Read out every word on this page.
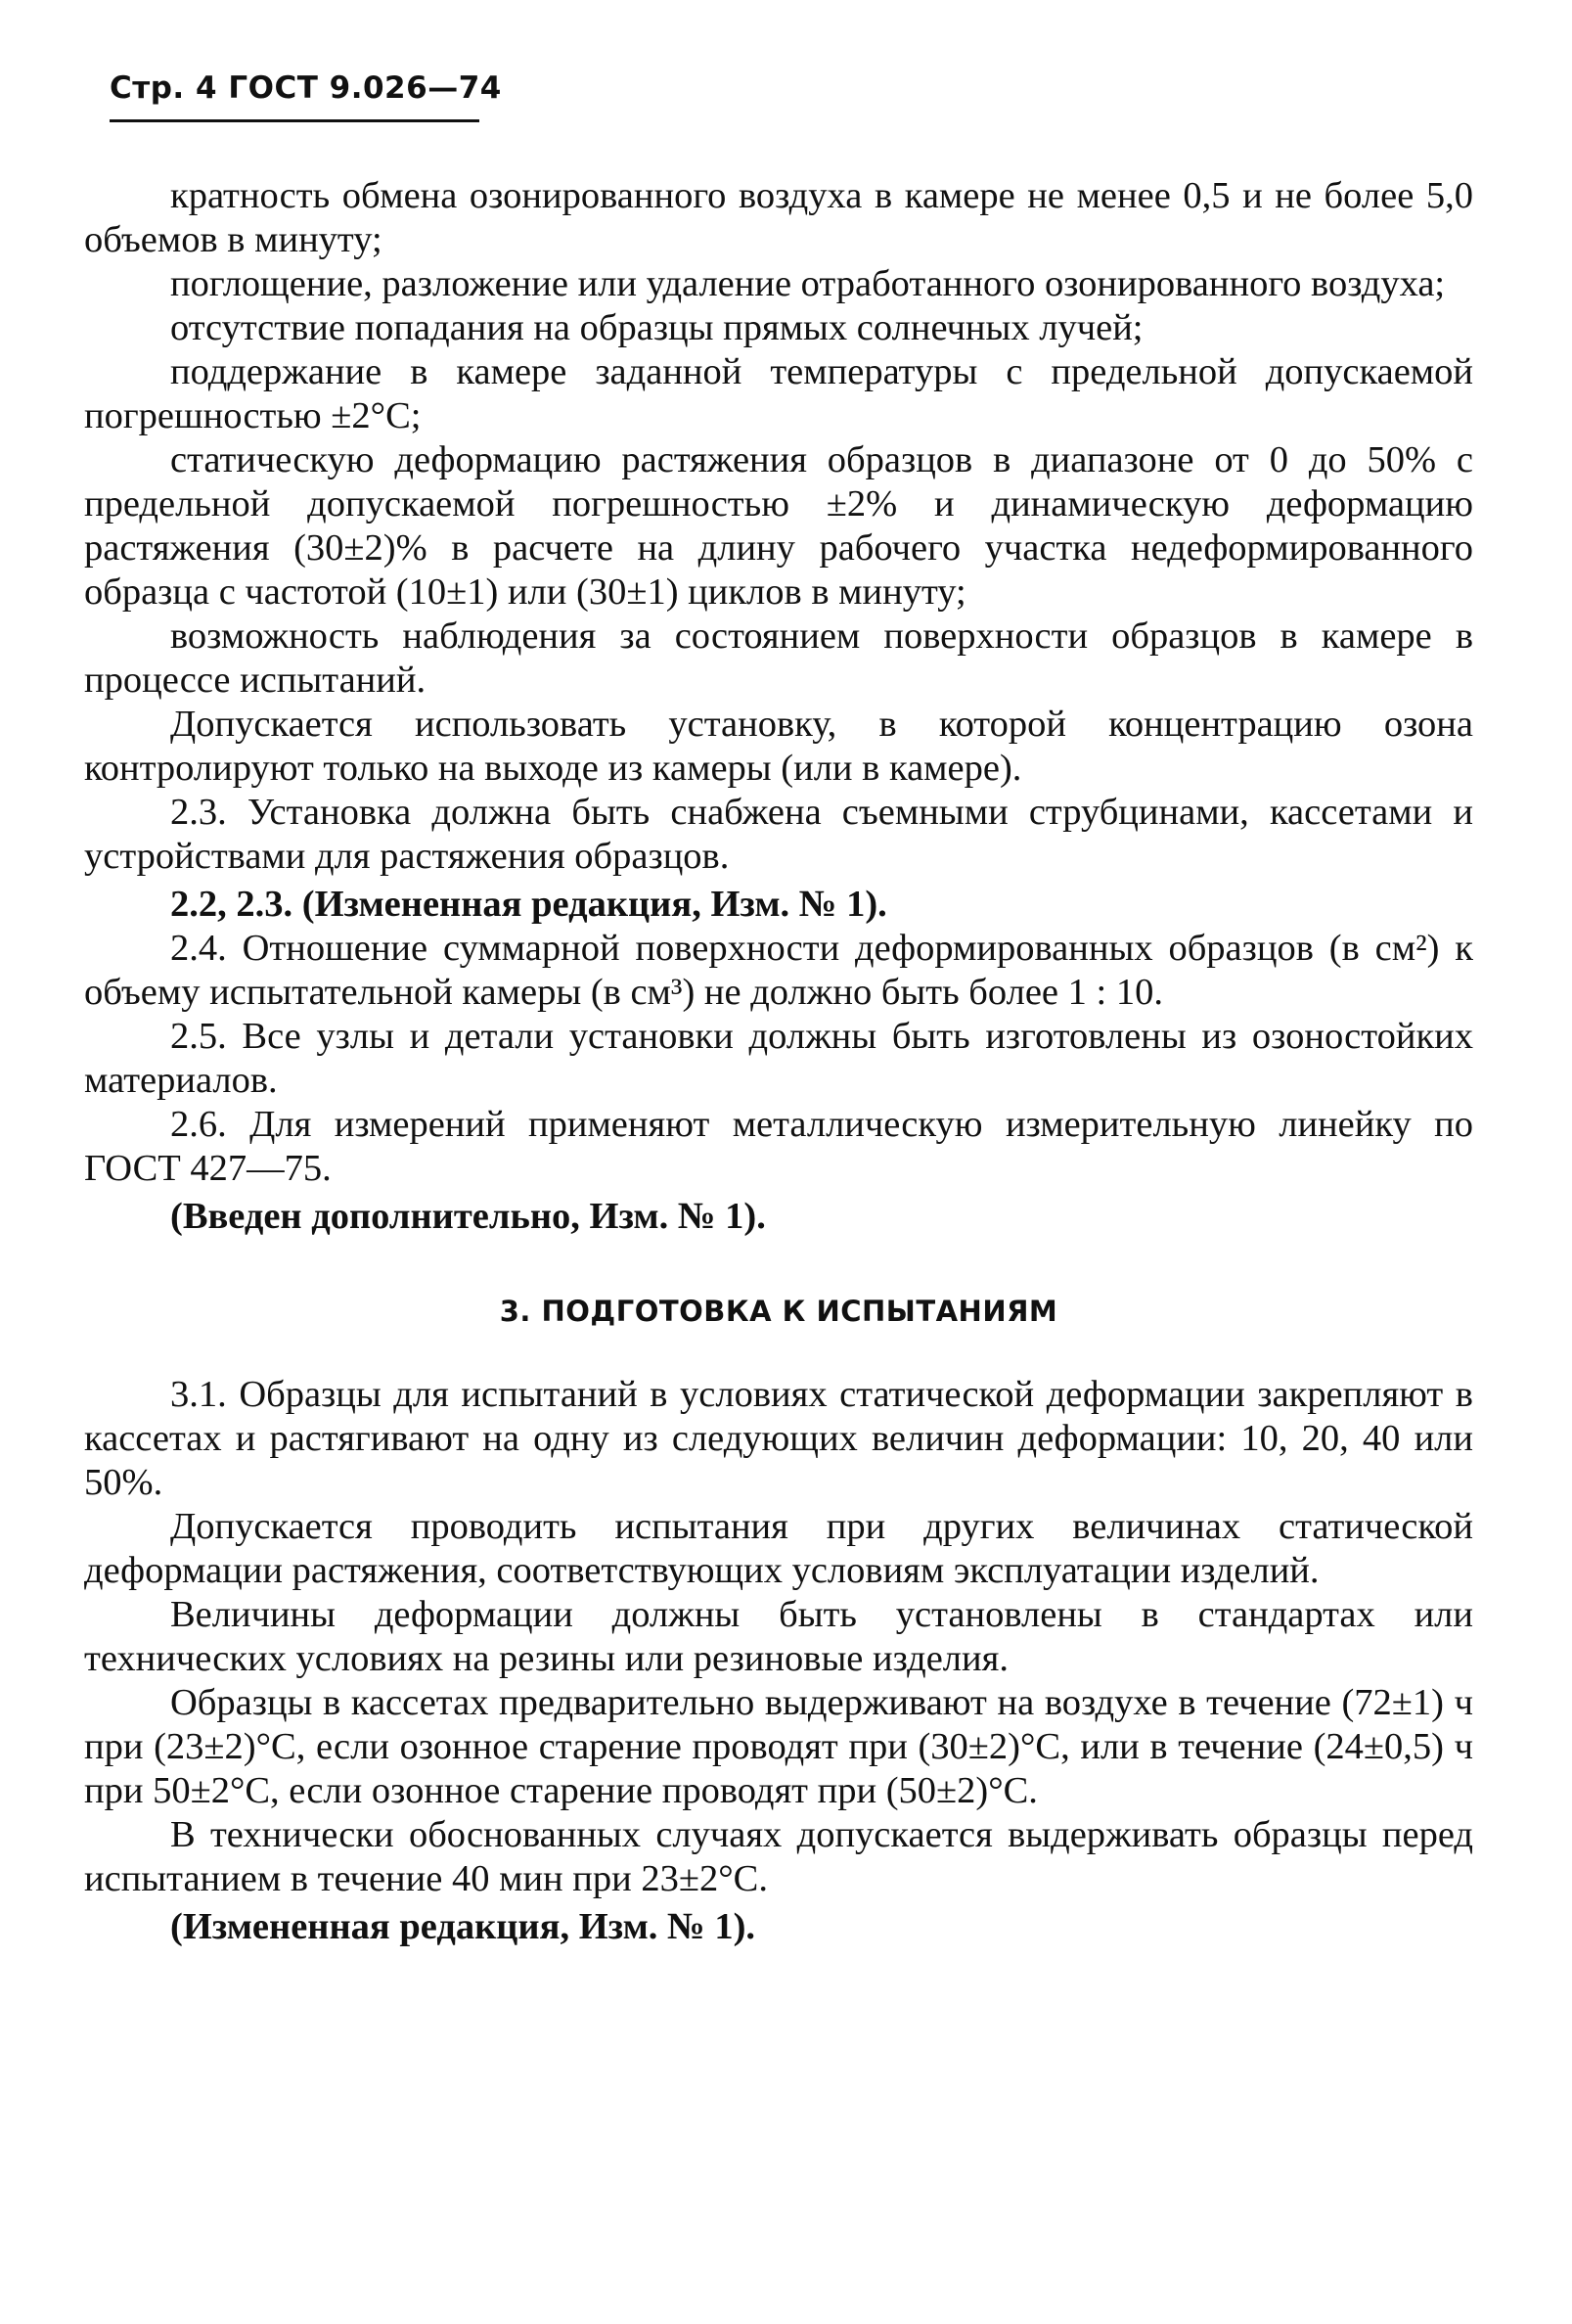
Стр. 4 ГОСТ 9.026—74

кратность обмена озонированного воздуха в камере не менее 0,5 и не более 5,0 объемов в минуту;

поглощение, разложение или удаление отработанного озонированного воздуха;

отсутствие попадания на образцы прямых солнечных лучей;

поддержание в камере заданной температуры с предельной допускаемой погрешностью ±2°С;

статическую деформацию растяжения образцов в диапазоне от 0 до 50% с предельной допускаемой погрешностью ±2% и динамическую деформацию растяжения (30±2)% в расчете на длину рабочего участка недеформированного образца с частотой (10±1) или (30±1) циклов в минуту;

возможность наблюдения за состоянием поверхности образцов в камере в процессе испытаний.

Допускается использовать установку, в которой концентрацию озона контролируют только на выходе из камеры (или в камере).

2.3. Установка должна быть снабжена съемными струбцинами, кассетами и устройствами для растяжения образцов.

2.2, 2.3. (Измененная редакция, Изм. № 1).

2.4. Отношение суммарной поверхности деформированных образцов (в см²) к объему испытательной камеры (в см³) не должно быть более 1 : 10.

2.5. Все узлы и детали установки должны быть изготовлены из озоностойких материалов.

2.6. Для измерений применяют металлическую измерительную линейку по ГОСТ 427—75.

(Введен дополнительно, Изм. № 1).

3. ПОДГОТОВКА К ИСПЫТАНИЯМ

3.1. Образцы для испытаний в условиях статической деформации закрепляют в кассетах и растягивают на одну из следующих величин деформации: 10, 20, 40 или 50%.

Допускается проводить испытания при других величинах статической деформации растяжения, соответствующих условиям эксплуатации изделий.

Величины деформации должны быть установлены в стандартах или технических условиях на резины или резиновые изделия.

Образцы в кассетах предварительно выдерживают на воздухе в течение (72±1) ч при (23±2)°С, если озонное старение проводят при (30±2)°С, или в течение (24±0,5) ч при 50±2°С, если озонное старение проводят при (50±2)°С.

В технически обоснованных случаях допускается выдерживать образцы перед испытанием в течение 40 мин при 23±2°С.

(Измененная редакция, Изм. № 1).
